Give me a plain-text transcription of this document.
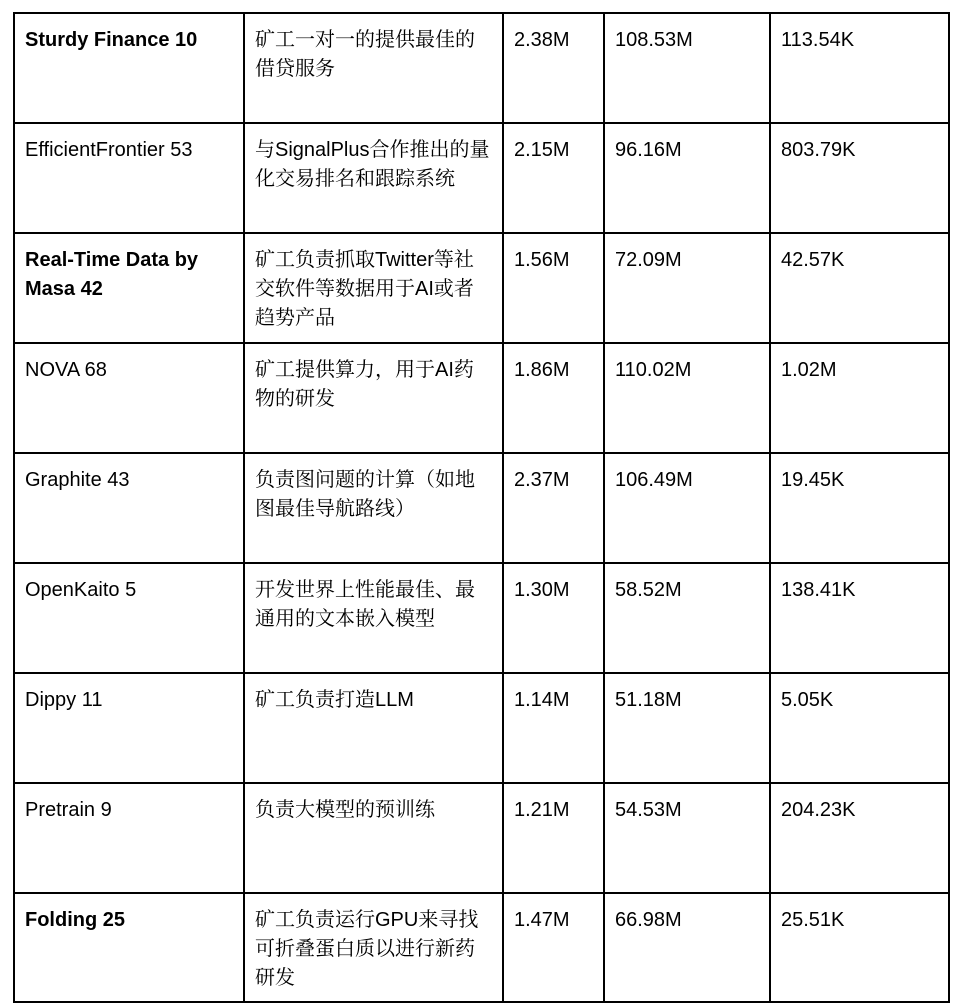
Sturdy Finance 10	矿工一对一的提供最佳的借贷服务	2.38M	108.53M	113.54K
EfficientFrontier 53	与SignalPlus合作推出的量化交易排名和跟踪系统	2.15M	96.16M	803.79K
Real-Time Data by Masa 42	矿工负责抓取Twitter等社交软件等数据用于AI或者趋势产品	1.56M	72.09M	42.57K
NOVA 68	矿工提供算力，用于AI药物的研发	1.86M	110.02M	1.02M
Graphite 43	负责图问题的计算（如地图最佳导航路线）	2.37M	106.49M	19.45K
OpenKaito 5	开发世界上性能最佳、最通用的文本嵌入模型	1.30M	58.52M	138.41K
Dippy 11	矿工负责打造LLM	1.14M	51.18M	5.05K
Pretrain 9	负责大模型的预训练	1.21M	54.53M	204.23K
Folding 25	矿工负责运行GPU来寻找可折叠蛋白质以进行新药研发	1.47M	66.98M	25.51K
